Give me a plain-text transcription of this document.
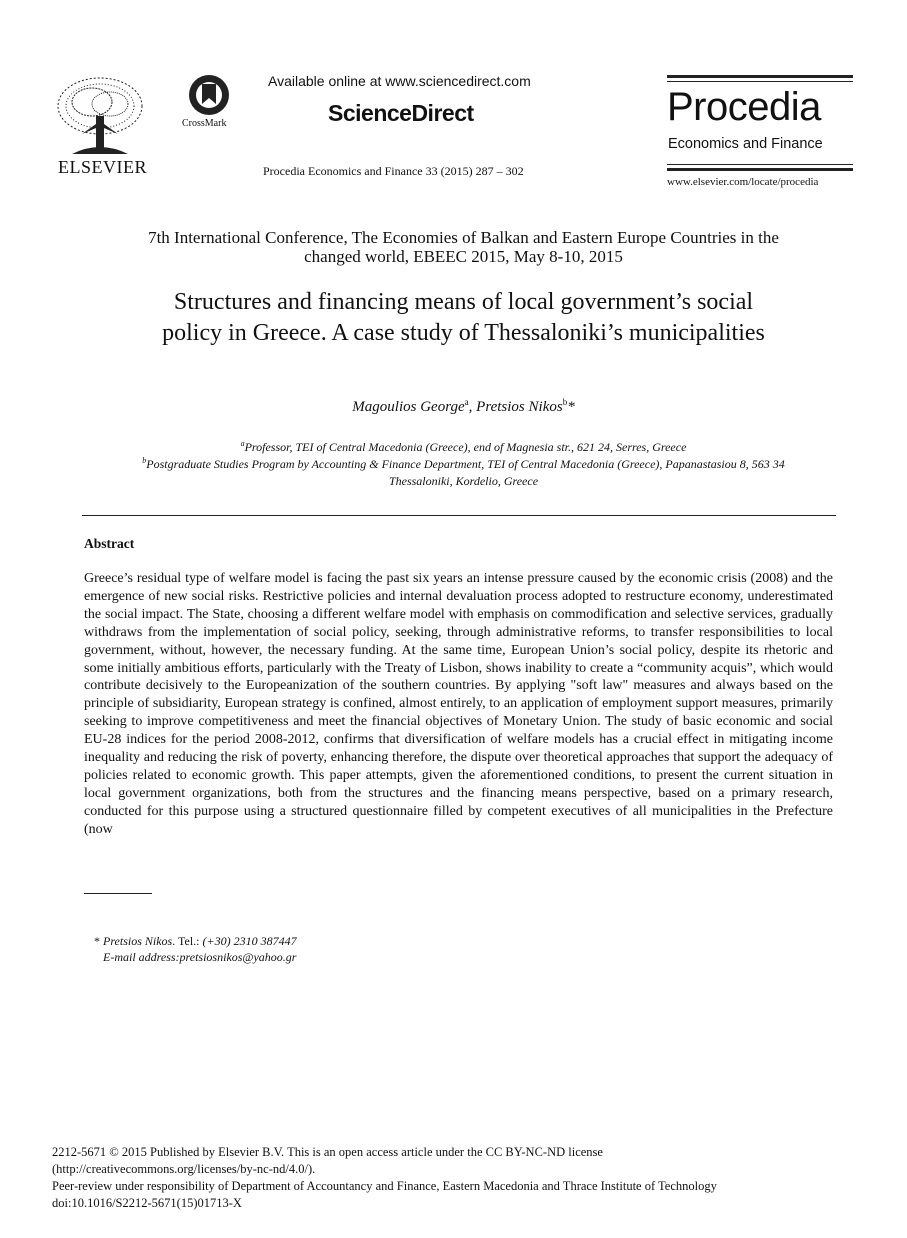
ELSEVIER
CrossMark
Available online at www.sciencedirect.com
ScienceDirect
Procedia Economics and Finance 33 (2015) 287 – 302
Procedia
Economics and Finance
www.elsevier.com/locate/procedia
7th International Conference, The Economies of Balkan and Eastern Europe Countries in the
changed world, EBEEC 2015, May 8-10, 2015
Structures and financing means of local government’s social
policy in Greece. A case study of Thessaloniki’s municipalities
Magoulios George$^a$, Pretsios Nikos$^b$*
$^a$Professor, TEI of Central Macedonia (Greece), end of Magnesia str., 621 24, Serres, Greece
$^b$Postgraduate Studies Program by Accounting & Finance Department, TEI of Central Macedonia (Greece), Papanastasiou 8, 563 34
Thessaloniki, Kordelio, Greece
Abstract
Greece’s residual type of welfare model is facing the past six years an intense pressure caused by the economic crisis (2008) and the emergence of new social risks. Restrictive policies and internal devaluation process adopted to restructure economy, underestimated the social impact. The State, choosing a different welfare model with emphasis on commodification and selective services, gradually withdraws from the implementation of social policy, seeking, through administrative reforms, to transfer responsibilities to local government, without, however, the necessary funding. At the same time, European Union’s social policy, despite its rhetoric and some initially ambitious efforts, particularly with the Treaty of Lisbon, shows inability to create a “community acquis”, which would contribute decisively to the Europeanization of the southern countries. By applying "soft law" measures and always based on the principle of subsidiarity, European strategy is confined, almost entirely, to an application of employment support measures, primarily seeking to improve competitiveness and meet the financial objectives of Monetary Union. The study of basic economic and social EU-28 indices for the period 2008-2012, confirms that diversification of welfare models has a crucial effect in mitigating income inequality and reducing the risk of poverty, enhancing therefore, the dispute over theoretical approaches that support the adequacy of policies related to economic growth. This paper attempts, given the aforementioned conditions, to present the current situation in local government organizations, both from the structures and the financing means perspective, based on a primary research, conducted for this purpose using a structured questionnaire filled by competent executives of all municipalities in the Prefecture (now
* Pretsios Nikos. Tel.: (+30) 2310 387447
E-mail address:pretsiosnikos@yahoo.gr
2212-5671 © 2015 Published by Elsevier B.V. This is an open access article under the CC BY-NC-ND license
(http://creativecommons.org/licenses/by-nc-nd/4.0/).
Peer-review under responsibility of Department of Accountancy and Finance, Eastern Macedonia and Thrace Institute of Technology
doi:10.1016/S2212-5671(15)01713-X
